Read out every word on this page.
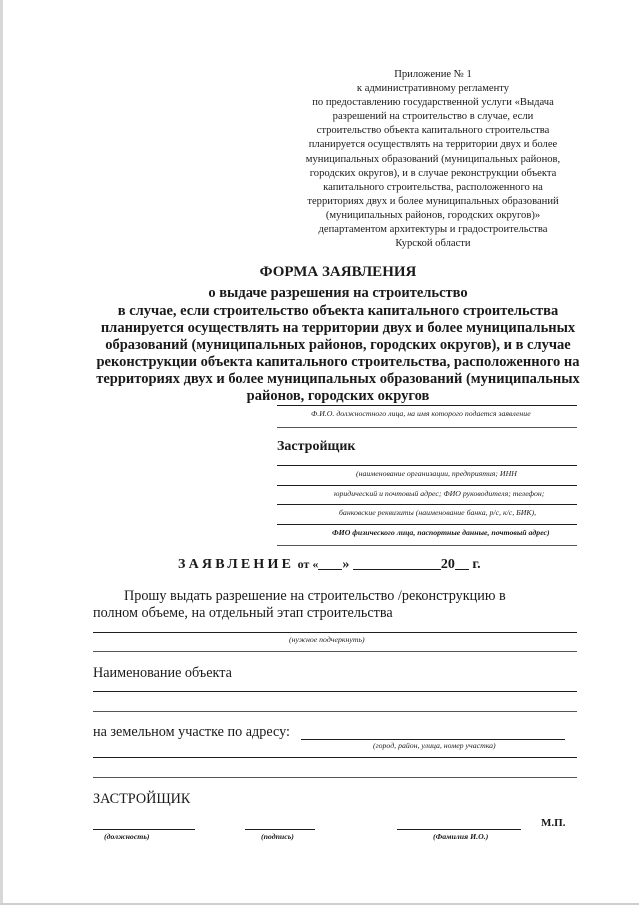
Приложение № 1
к административному регламенту
по предоставлению государственной услуги «Выдача
разрешений на строительство в случае, если
строительство объекта капитального строительства
планируется осуществлять на территории двух и более
муниципальных образований (муниципальных районов,
городских округов), и в случае реконструкции объекта
капитального строительства, расположенного на
территориях двух и более муниципальных образований
(муниципальных районов, городских округов)»
департаментом архитектуры и градостроительства
Курской области
ФОРМА ЗАЯВЛЕНИЯ
о выдаче разрешения на строительство
в случае, если строительство объекта капитального строительства
планируется осуществлять на территории двух и более муниципальных
образований (муниципальных районов, городских округов), и в случае
реконструкции объекта капитального строительства, расположенного на
территориях двух и более муниципальных образований (муниципальных
районов, городских округов
Ф.И.О. должностного лица, на имя которого подается заявление
Застройщик
(наименование организации, предприятия; ИНН
юридический и почтовый адрес; ФИО руководителя; телефон;
банковские реквизиты (наименование банка, р/с, к/с, БИК),
ФИО физического лица, паспортные данные, почтовый адрес)
ЗАЯВЛЕНИЕ от « »	20 г.
Прошу выдать разрешение на строительство /реконструкцию в
полном объеме, на отдельный этап строительства
(нужное подчеркнуть)
Наименование объекта
на земельном участке по адресу:
(город, район, улица, номер участка)
ЗАСТРОЙЩИК
(должность)	(подпись)	(Фамилия И.О.)
М.П.
